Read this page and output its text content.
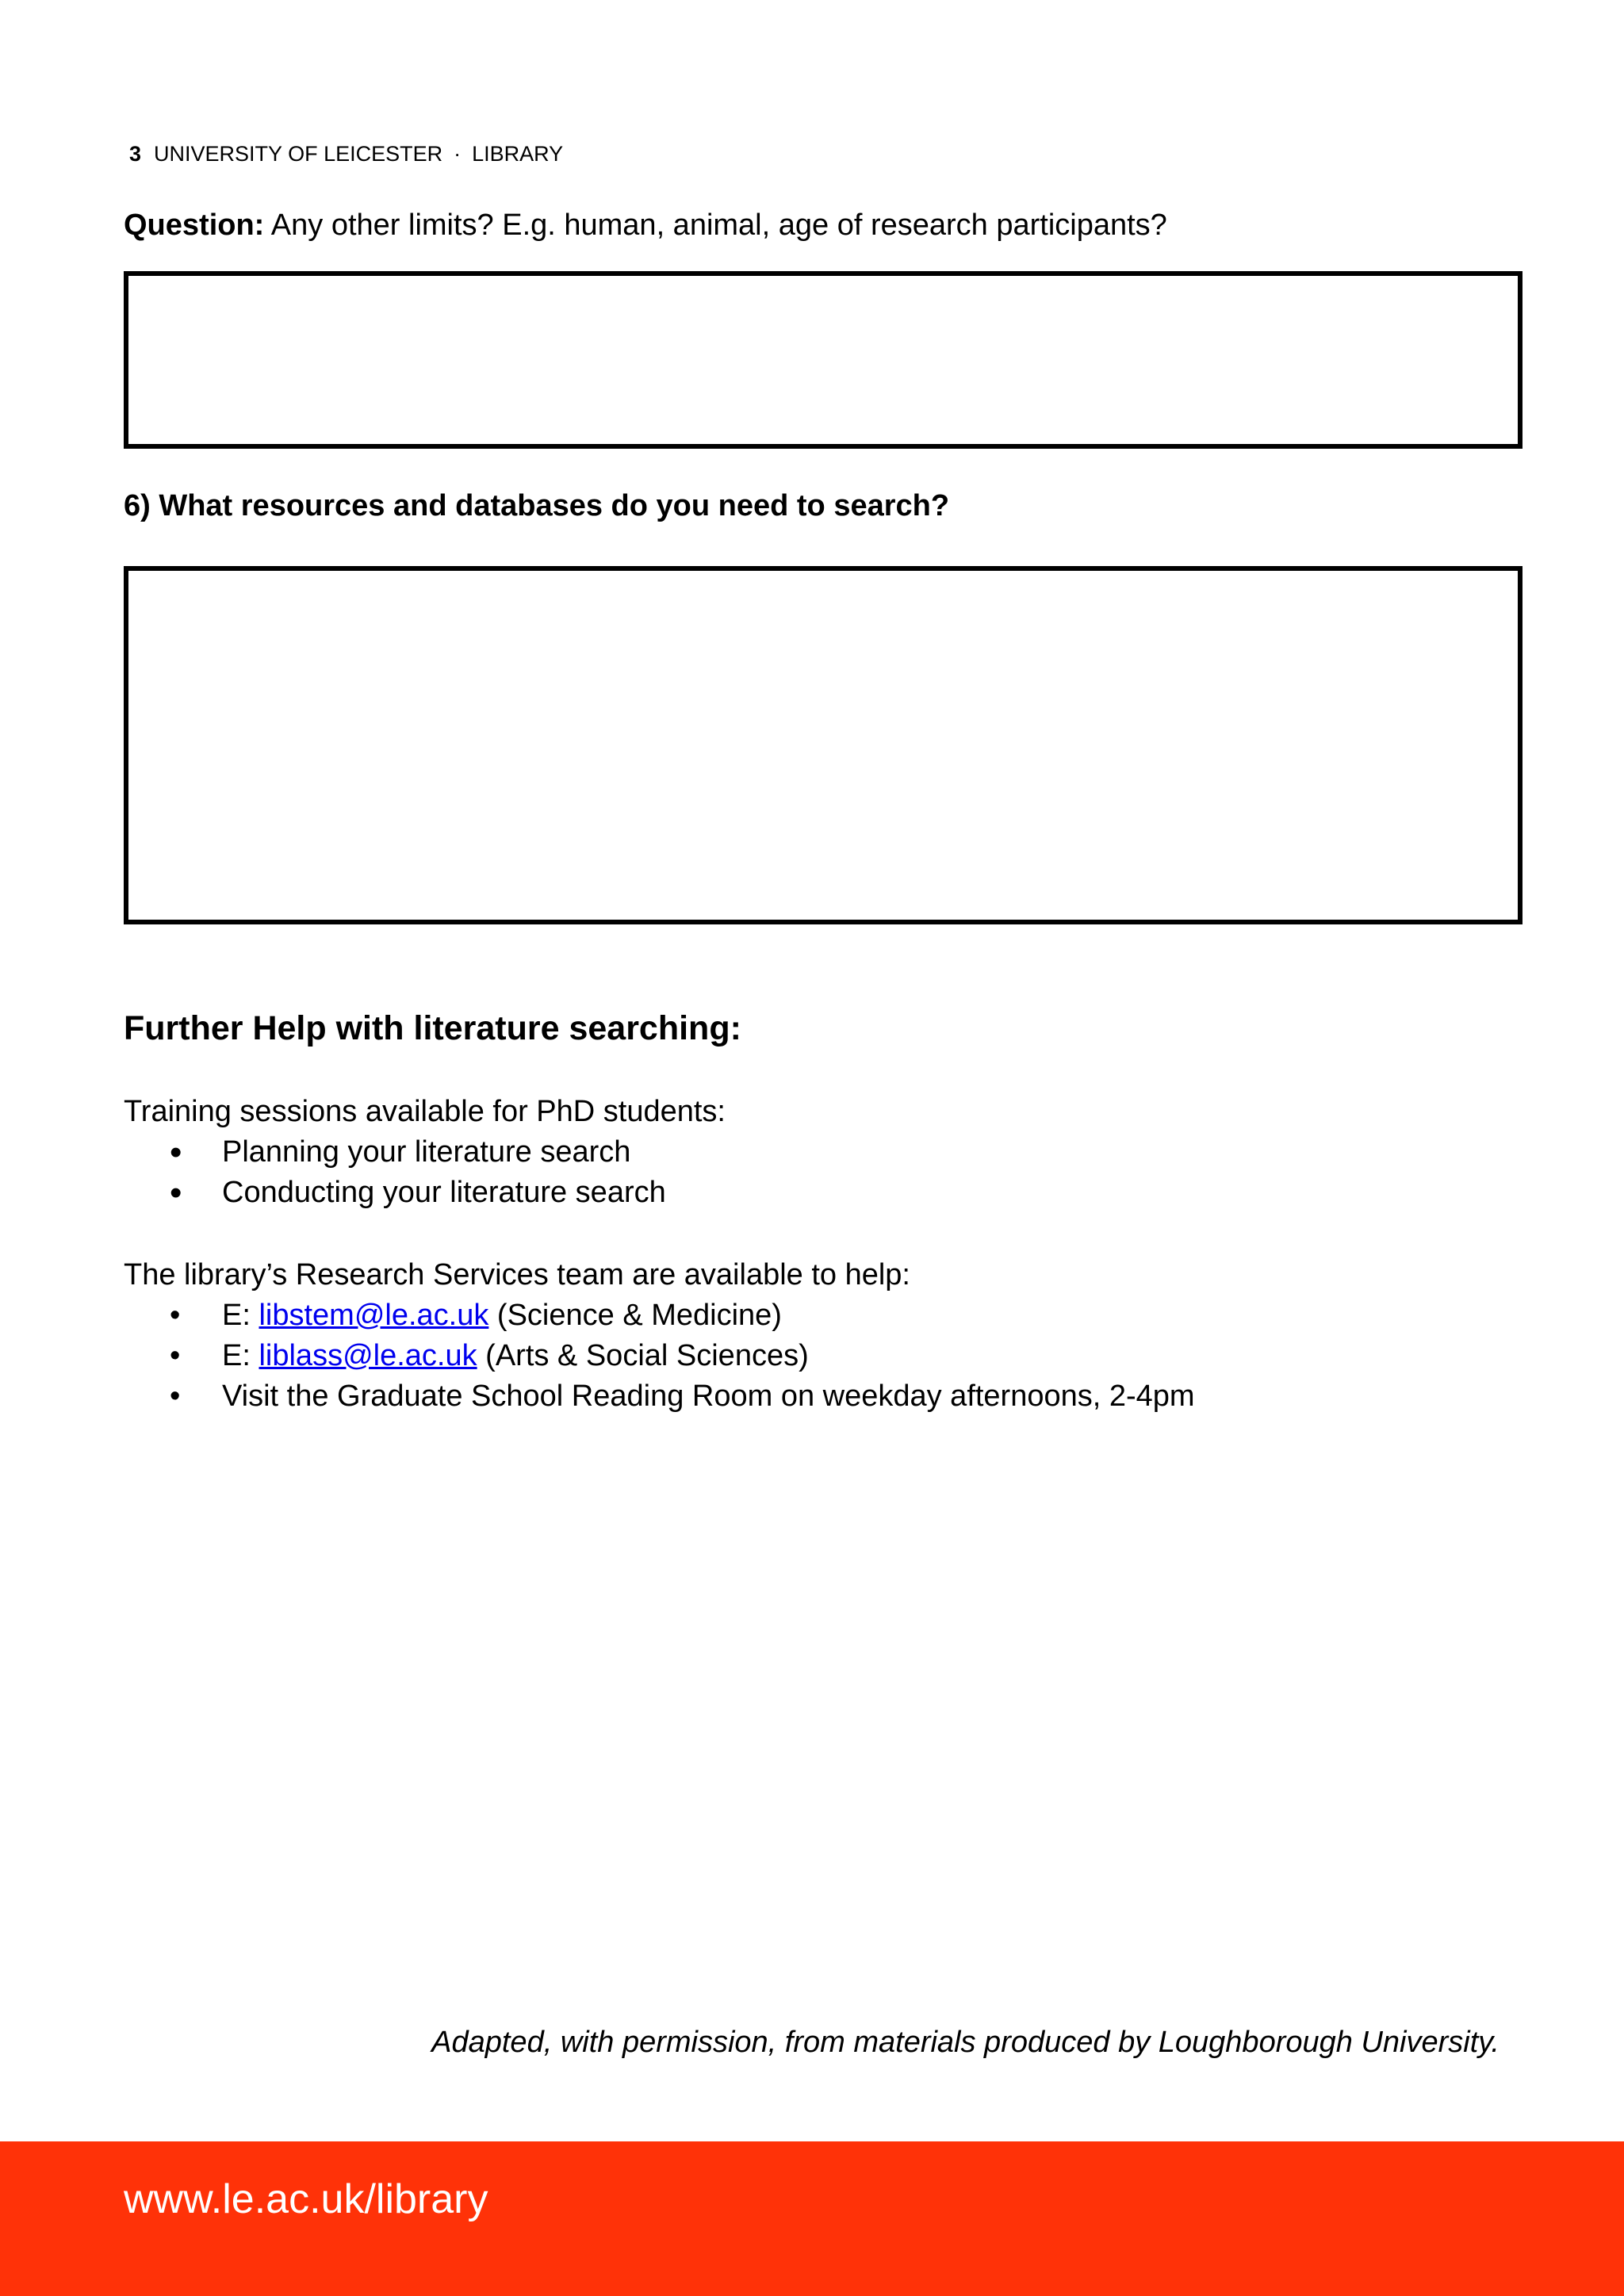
3 UNIVERSITY OF LEICESTER · LIBRARY
Question: Any other limits? E.g. human, animal, age of research participants?
6) What resources and databases do you need to search?
Further Help with literature searching:
Training sessions available for PhD students:
• Planning your literature search
• Conducting your literature search
The library’s Research Services team are available to help:
• E: libstem@le.ac.uk (Science & Medicine)
• E: liblass@le.ac.uk (Arts & Social Sciences)
• Visit the Graduate School Reading Room on weekday afternoons, 2-4pm
Adapted, with permission, from materials produced by Loughborough University.
www.le.ac.uk/library
